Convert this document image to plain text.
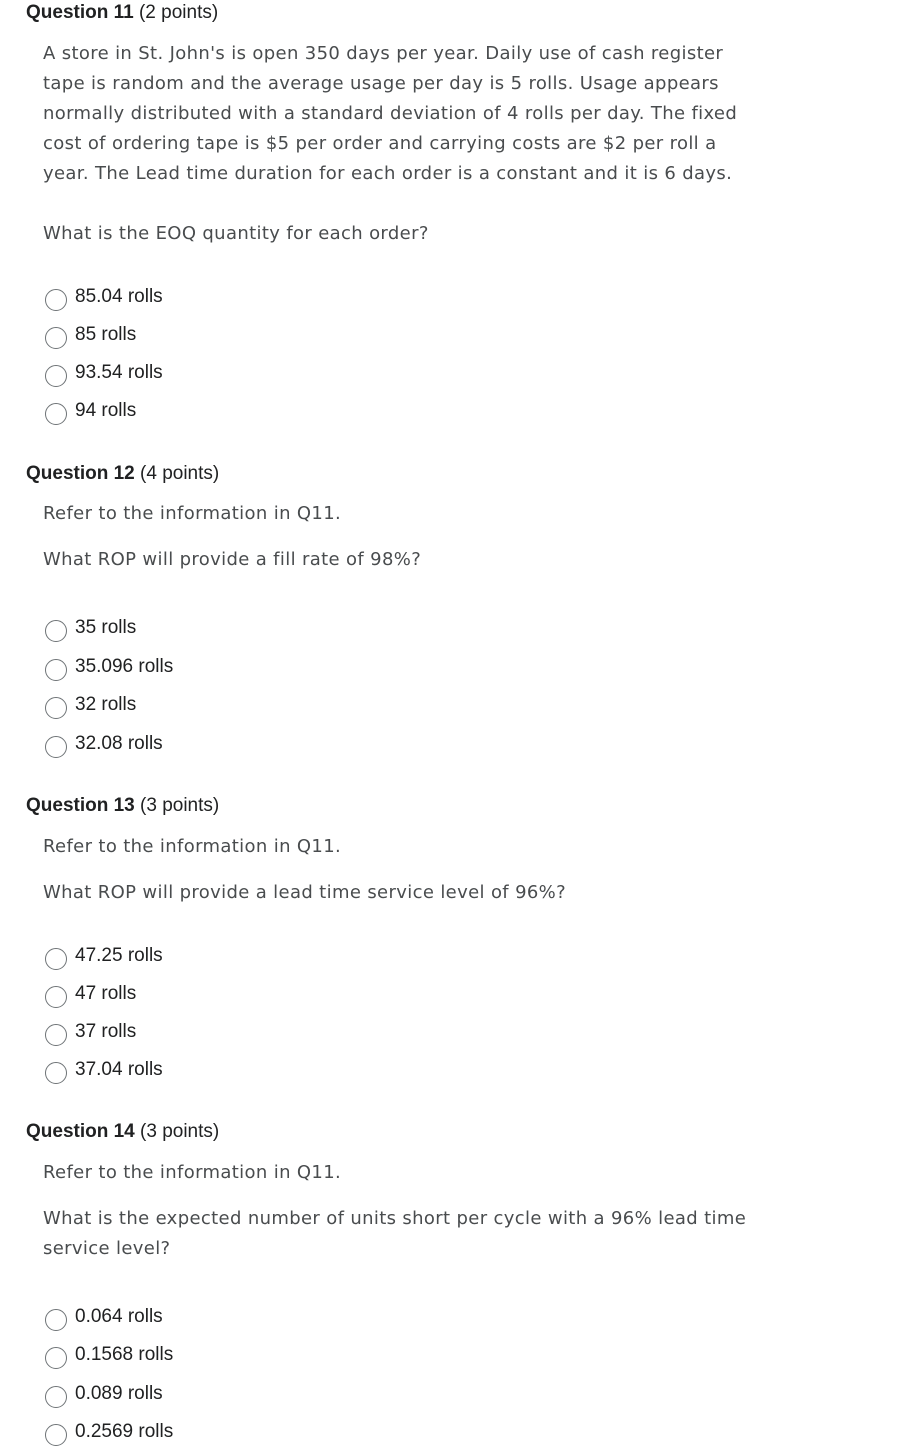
Question 11 (2 points)
A store in St. John's is open 350 days per year. Daily use of cash register
tape is random and the average usage per day is 5 rolls. Usage appears
normally distributed with a standard deviation of 4 rolls per day. The fixed
cost of ordering tape is $5 per order and carrying costs are $2 per roll a
year. The Lead time duration for each order is a constant and it is 6 days.
What is the EOQ quantity for each order?
85.04 rolls
85 rolls
93.54 rolls
94 rolls
Question 12 (4 points)
Refer to the information in Q11.
What ROP will provide a fill rate of 98%?
35 rolls
35.096 rolls
32 rolls
32.08 rolls
Question 13 (3 points)
Refer to the information in Q11.
What ROP will provide a lead time service level of 96%?
47.25 rolls
47 rolls
37 rolls
37.04 rolls
Question 14 (3 points)
Refer to the information in Q11.
What is the expected number of units short per cycle with a 96% lead time
service level?
0.064 rolls
0.1568 rolls
0.089 rolls
0.2569 rolls
